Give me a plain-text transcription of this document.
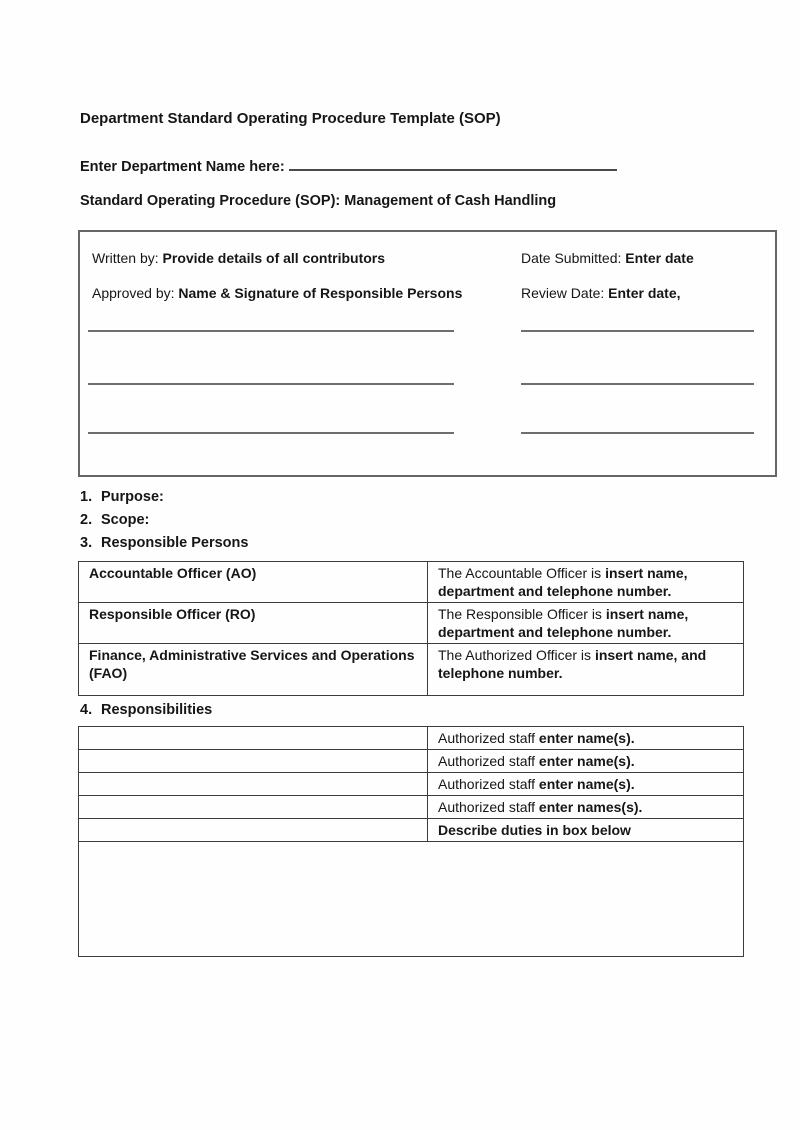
Department Standard Operating Procedure Template (SOP)
Enter Department Name here:
Standard Operating Procedure (SOP): Management of Cash Handling
Written by: Provide details of all contributors	Date Submitted: Enter date
Approved by: Name & Signature of Responsible Persons	Review Date: Enter date,
1. Purpose:
2. Scope:
3. Responsible Persons
Accountable Officer (AO)	The Accountable Officer is insert name, department and telephone number.
Responsible Officer (RO)	The Responsible Officer is insert name, department and telephone number.
Finance, Administrative Services and Operations (FAO)	The Authorized Officer is insert name, and telephone number.
4. Responsibilities
	Authorized staff enter name(s).
	Authorized staff enter name(s).
	Authorized staff enter name(s).
	Authorized staff enter names(s).
	Describe duties in box below
